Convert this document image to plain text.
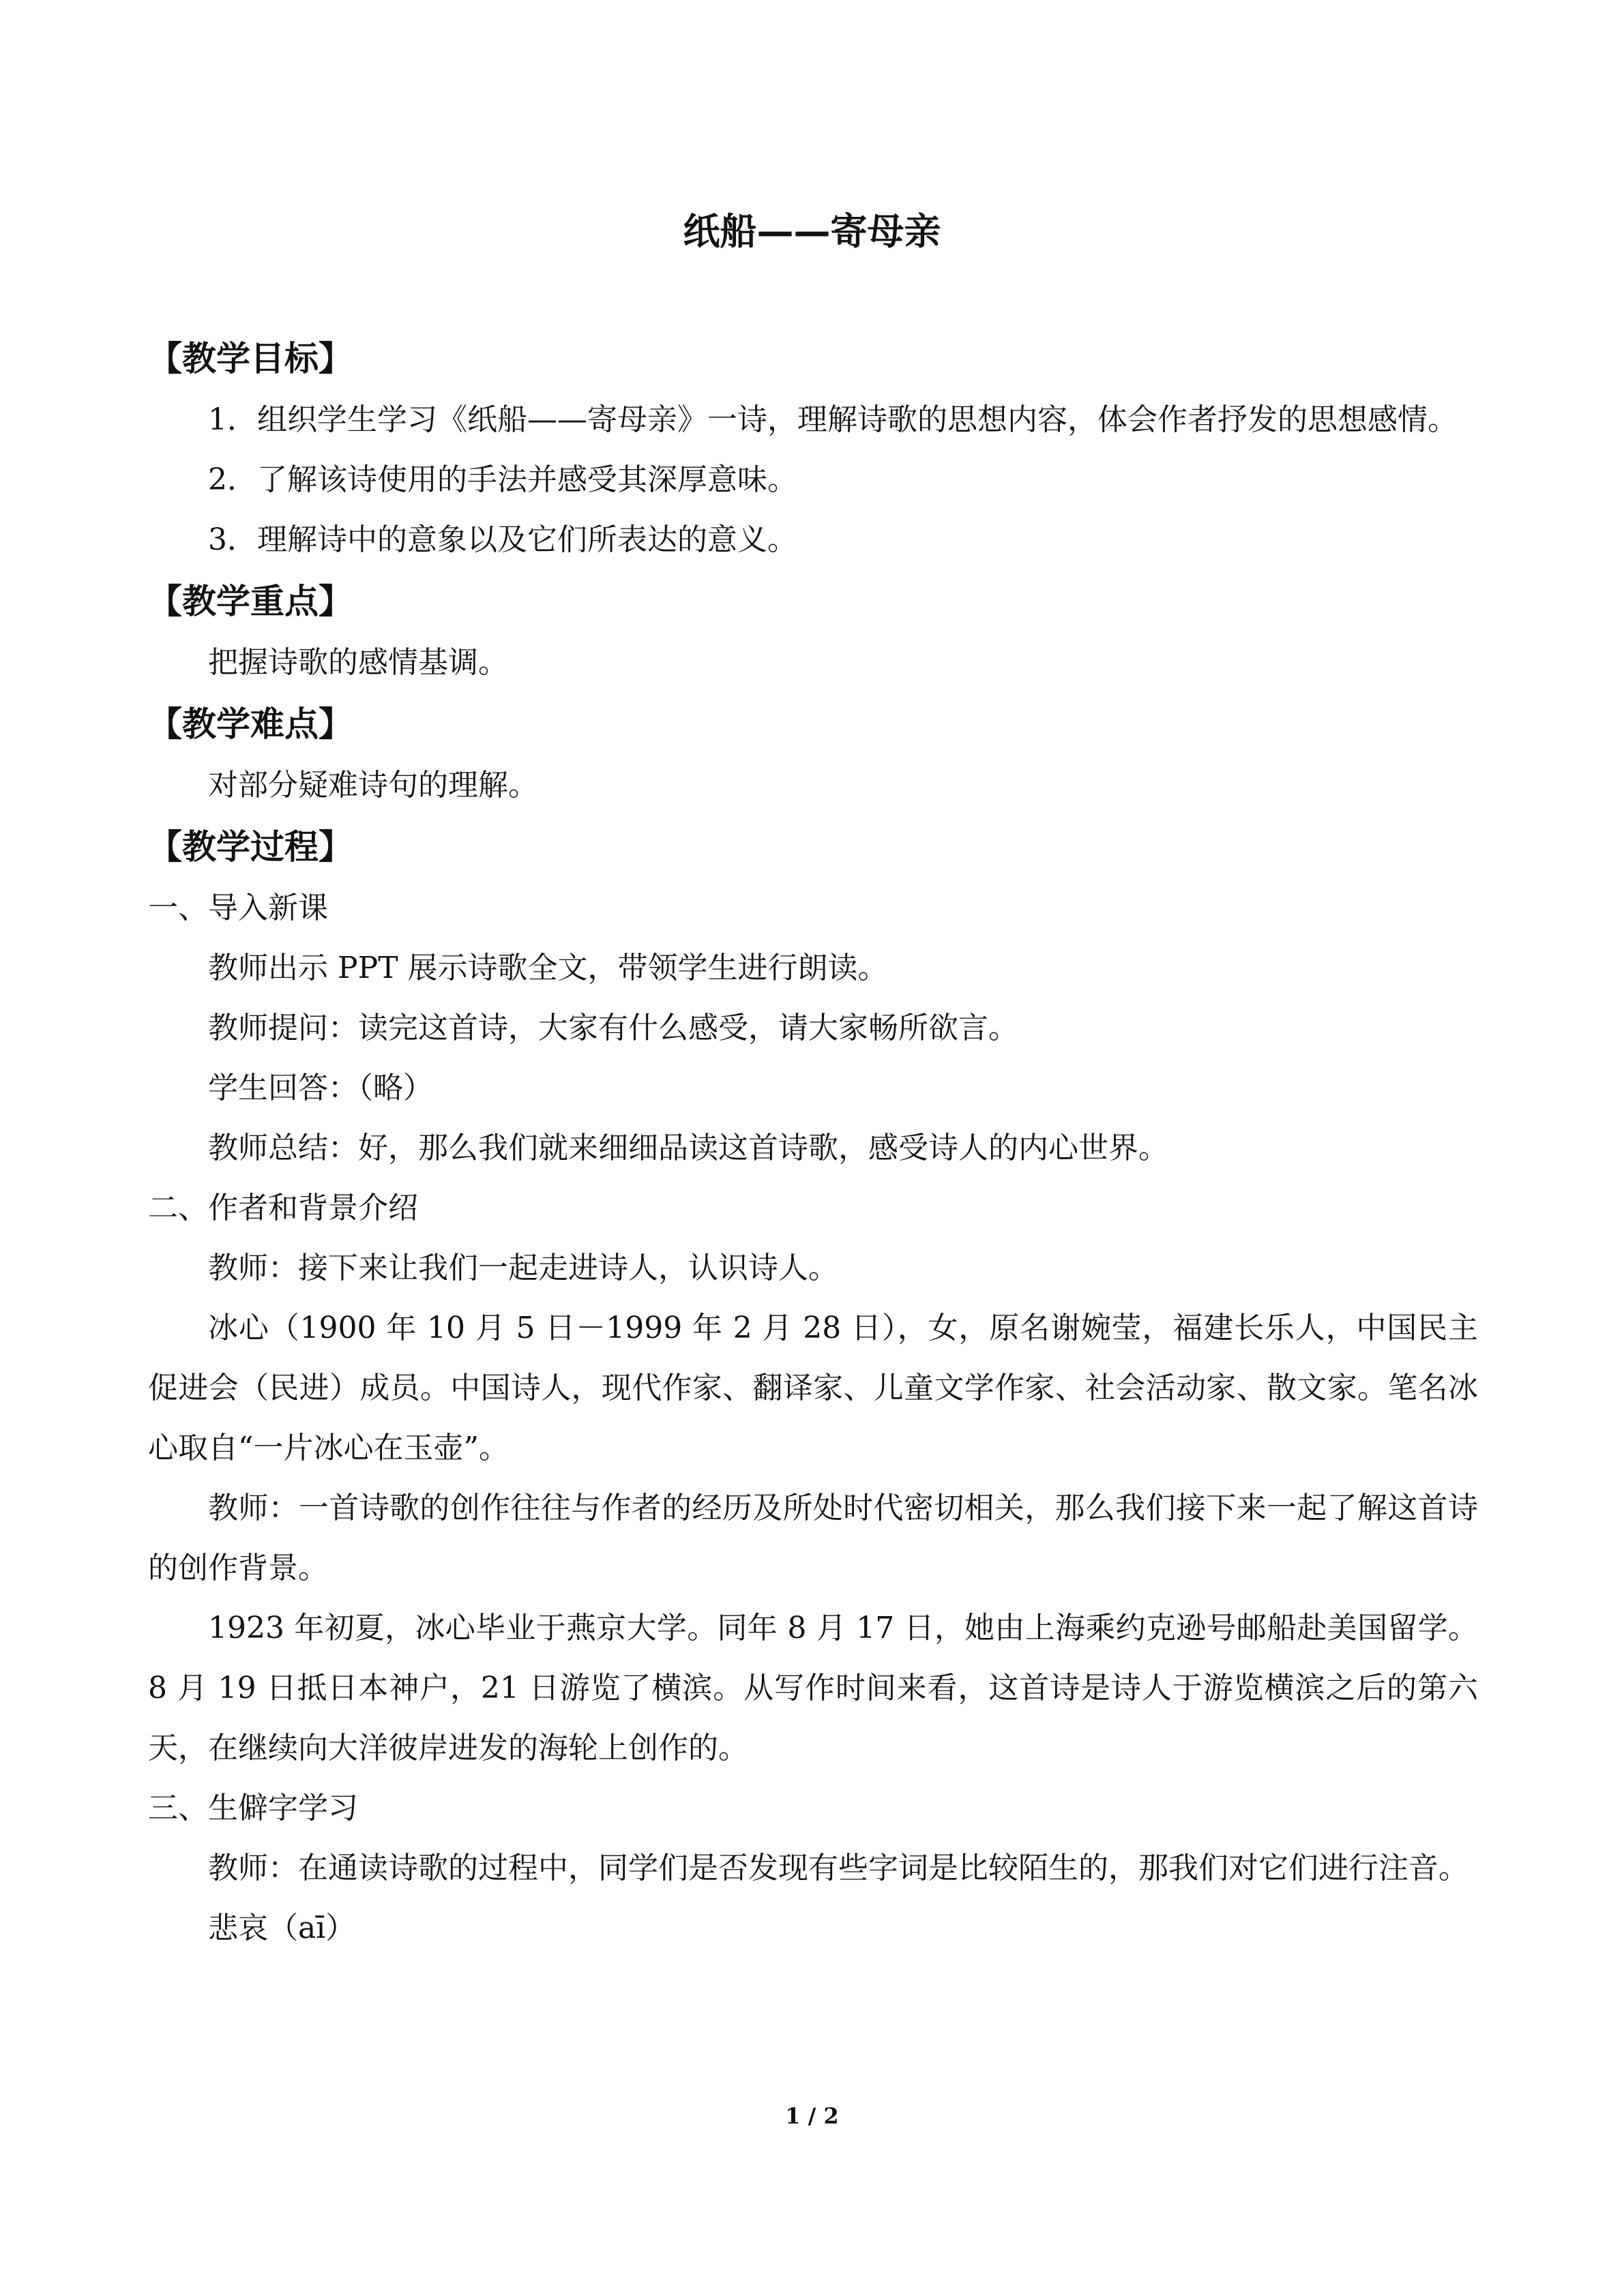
纸船——寄母亲

【教学目标】

1．组织学生学习《纸船——寄母亲》一诗，理解诗歌的思想内容，体会作者抒发的思想感情。

2．了解该诗使用的手法并感受其深厚意味。

3．理解诗中的意象以及它们所表达的意义。

【教学重点】

把握诗歌的感情基调。

【教学难点】

对部分疑难诗句的理解。

【教学过程】

一、导入新课

教师出示 PPT 展示诗歌全文，带领学生进行朗读。

教师提问：读完这首诗，大家有什么感受，请大家畅所欲言。

学生回答：（略）

教师总结：好，那么我们就来细细品读这首诗歌，感受诗人的内心世界。

二、作者和背景介绍

教师：接下来让我们一起走进诗人，认识诗人。

冰心（1900 年 10 月 5 日－1999 年 2 月 28 日），女，原名谢婉莹，福建长乐人，中国民主促进会（民进）成员。中国诗人，现代作家、翻译家、儿童文学作家、社会活动家、散文家。笔名冰心取自“一片冰心在玉壶”。

教师：一首诗歌的创作往往与作者的经历及所处时代密切相关，那么我们接下来一起了解这首诗的创作背景。

1923 年初夏，冰心毕业于燕京大学。同年 8 月 17 日，她由上海乘约克逊号邮船赴美国留学。8 月 19 日抵日本神户，21 日游览了横滨。从写作时间来看，这首诗是诗人于游览横滨之后的第六天，在继续向大洋彼岸进发的海轮上创作的。

三、生僻字学习

教师：在通读诗歌的过程中，同学们是否发现有些字词是比较陌生的，那我们对它们进行注音。

悲哀（aī）

1 / 2
